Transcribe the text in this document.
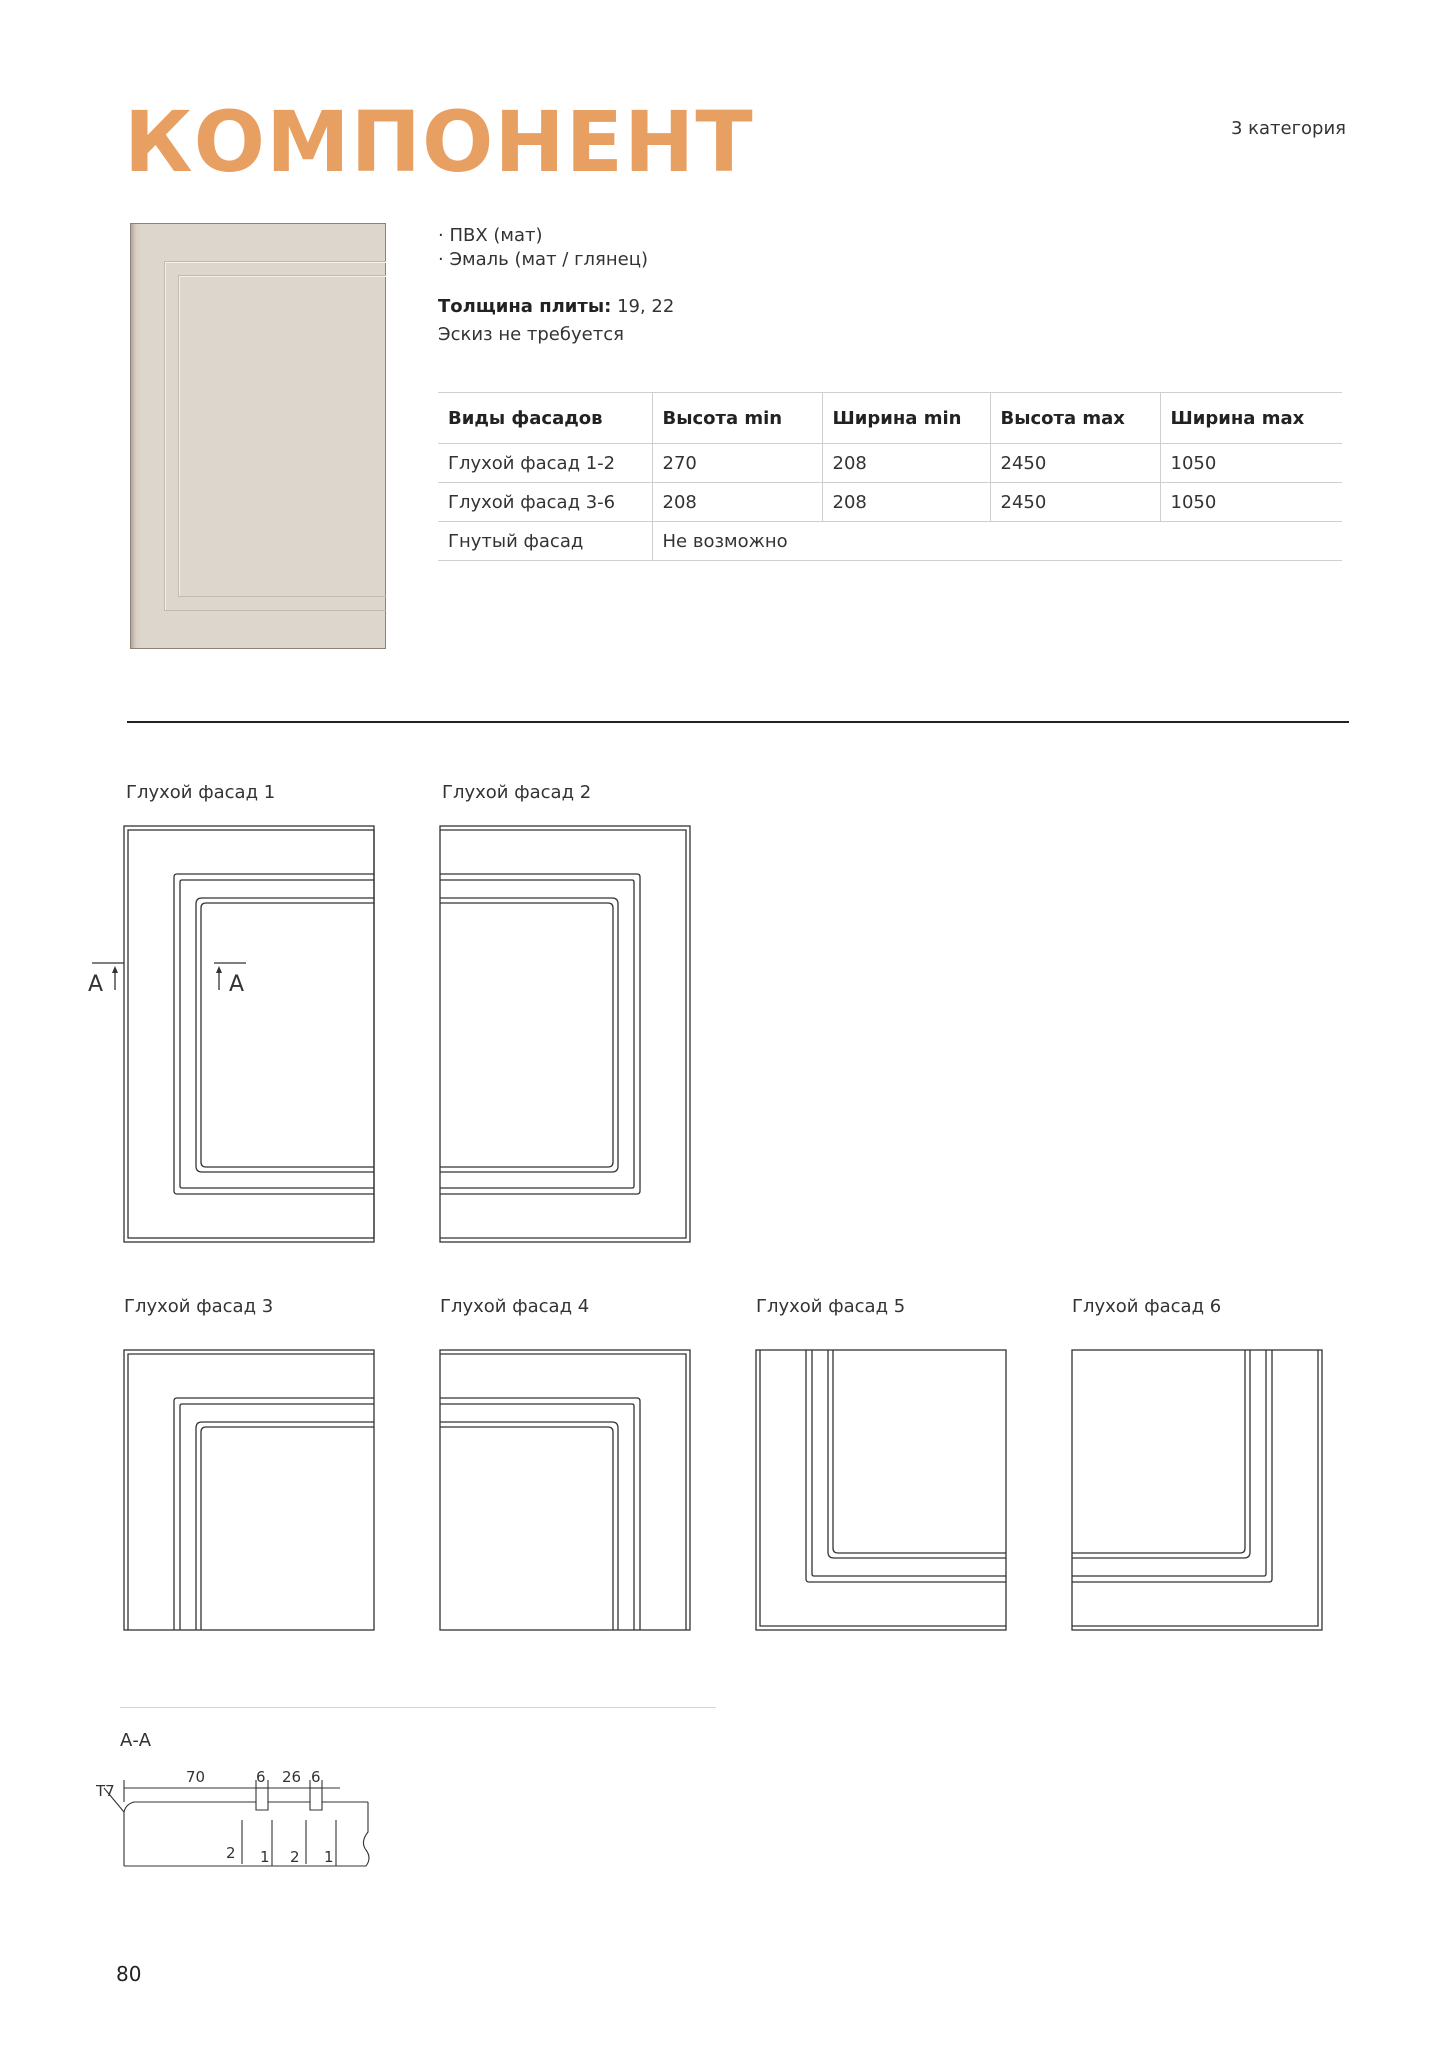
КОМПОНЕНТ	3 категория
· ПВХ (мат)
· Эмаль (мат / глянец)
Толщина плиты: 19, 22
Эскиз не требуется
Виды фасадов	Высота min	Ширина min	Высота max	Ширина max
Глухой фасад 1-2	270	208	2450	1050
Глухой фасад 3-6	208	208	2450	1050
Гнутый фасад	Не возможно			
Глухой фасад 1	Глухой фасад 2
Глухой фасад 3	Глухой фасад 4	Глухой фасад 5	Глухой фасад 6
A	A
А-А
70	6 26 6
T7
2 1 2 1
80
